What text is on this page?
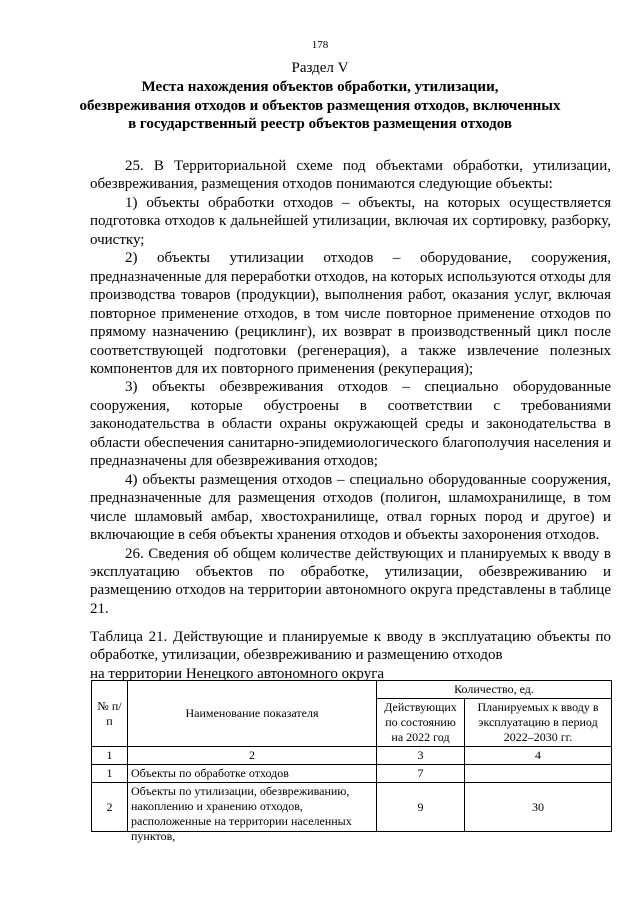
178
Раздел V
Места нахождения объектов обработки, утилизации,
обезвреживания отходов и объектов размещения отходов, включенных
в государственный реестр объектов размещения отходов

25. В Территориальной схеме под объектами обработки, утилизации, обезвреживания, размещения отходов понимаются следующие объекты:

1) объекты обработки отходов – объекты, на которых осуществляется подготовка отходов к дальнейшей утилизации, включая их сортировку, разборку, очистку;

2) объекты утилизации отходов – оборудование, сооружения, предназначенные для переработки отходов, на которых используются отходы для производства товаров (продукции), выполнения работ, оказания услуг, включая повторное применение отходов, в том числе повторное применение отходов по прямому назначению (рециклинг), их возврат в производственный цикл после соответствующей подготовки (регенерация), а также извлечение полезных компонентов для их повторного применения (рекуперация);

3) объекты обезвреживания отходов – специально оборудованные сооружения, которые обустроены в соответствии с требованиями законодательства в области охраны окружающей среды и законодательства в области обеспечения санитарно-эпидемиологического благополучия населения и предназначены для обезвреживания отходов;

4) объекты размещения отходов – специально оборудованные сооружения, предназначенные для размещения отходов (полигон, шламохранилище, в том числе шламовый амбар, хвостохранилище, отвал горных пород и другое) и включающие в себя объекты хранения отходов и объекты захоронения отходов.

26. Сведения об общем количестве действующих и планируемых к вводу в эксплуатацию объектов по обработке, утилизации, обезвреживанию и размещению отходов на территории автономного округа представлены в таблице 21.

Таблица 21. Действующие и планируемые к вводу в эксплуатацию объекты по обработке, утилизации, обезвреживанию и размещению отходов
на территории Ненецкого автономного округа
№ п/п	Наименование показателя	Количество, ед.	
		Действующих по состоянию на 2022 год	Планируемых к вводу в эксплуатацию в период 2022–2030 гг.
1	2	3	4
1	Объекты по обработке отходов	7	
2	Объекты по утилизации, обезвреживанию, накоплению и хранению отходов, расположенные на территории населенных пунктов,	9	30
